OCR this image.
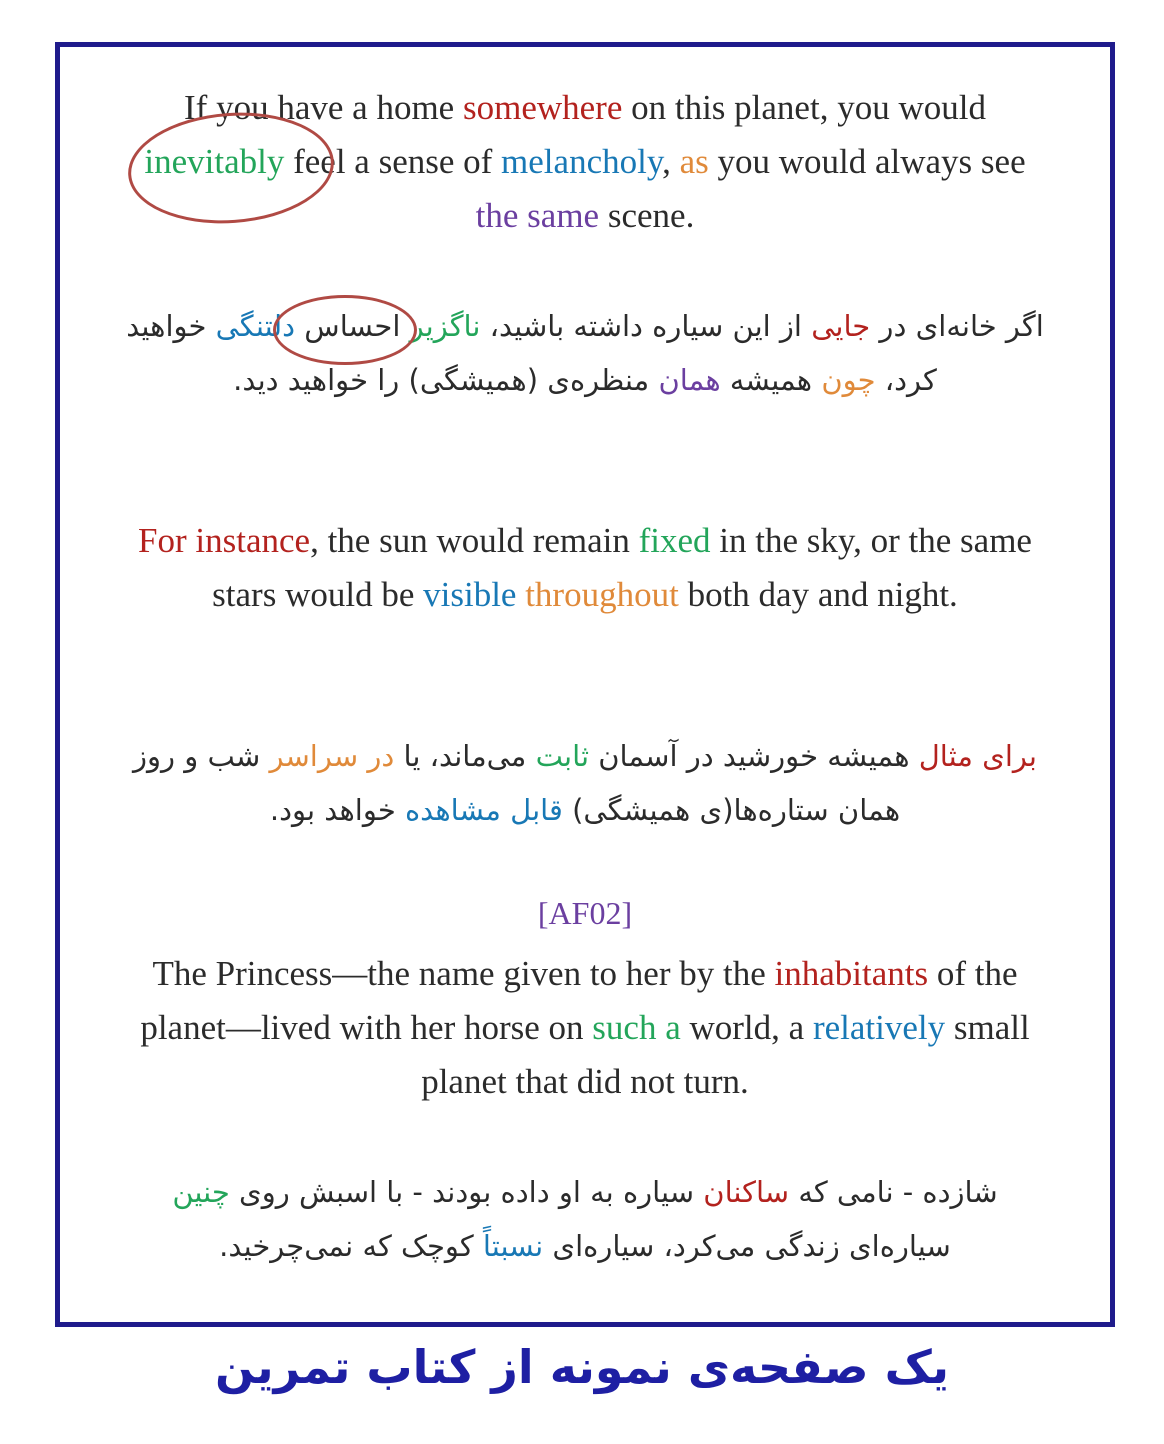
If you have a home somewhere on this planet, you would inevitably feel a sense of melancholy, as you would always see the same scene.
اگر خانه‌ای در جایی از این سیاره داشته باشید، ناگزیر احساس دلتنگی خواهید کرد، چون همیشه همان منظره‌ی (همیشگی) را خواهید دید.
For instance, the sun would remain fixed in the sky, or the same stars would be visible throughout both day and night.
برای مثال همیشه خورشید در آسمان ثابت می‌ماند، یا در سراسر شب و روز همان ستاره‌ها(ی همیشگی) قابل مشاهده خواهد بود.
[AF02]
The Princess—the name given to her by the inhabitants of the planet—lived with her horse on such a world, a relatively small planet that did not turn.
شازده - نامی که ساکنان سیاره به او داده بودند - با اسبش روی چنین سیاره‌ای زندگی می‌کرد، سیاره‌ای نسبتاً کوچک که نمی‌چرخید.
یک صفحه‌ی نمونه از کتاب تمرین
